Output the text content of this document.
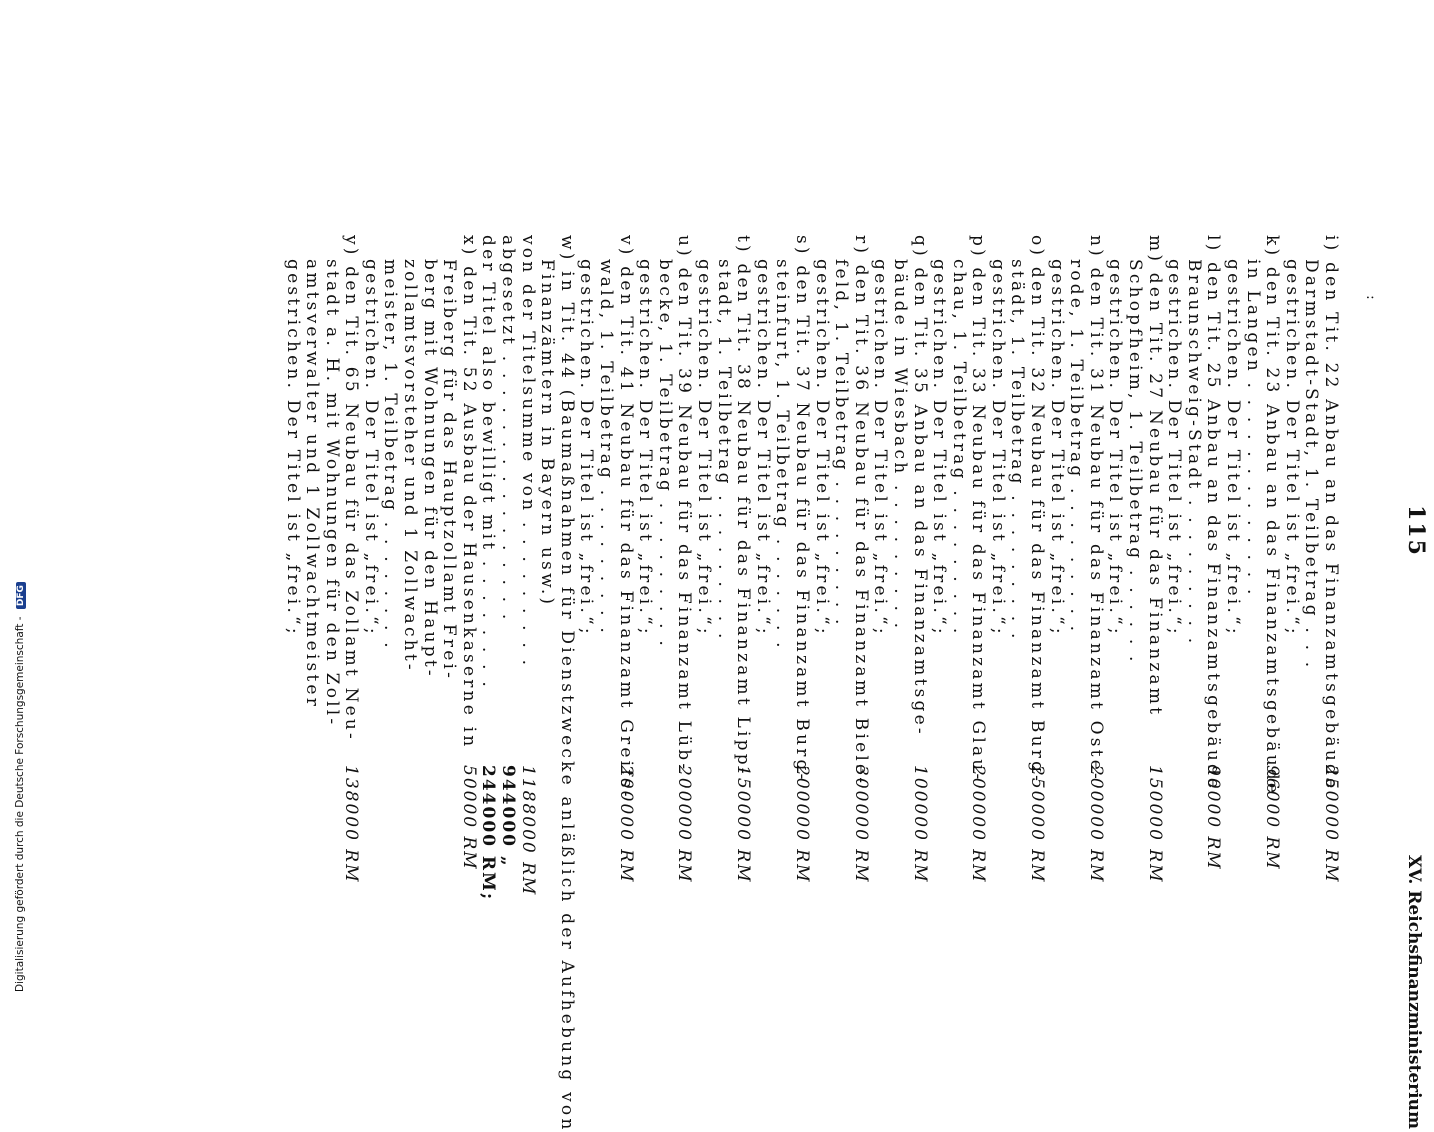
115
XV. Reichsfinanzministerium
:
i) den Tit. 22 Anbau an das Finanzamtsgebäude
250000 RM
Darmstadt-Stadt, 1. Teilbetrag . . .
gestrichen. Der Titel ist „frei.“;
k) den Tit. 23 Anbau an das Finanzamtsgebäude
96000 RM
in Langen . . . . . . . . . . . . .
gestrichen. Der Titel ist „frei.“;
l) den Tit. 25 Anbau an das Finanzamtsgebäude
90000 RM
Braunschweig-Stadt . . . . . . . . .
gestrichen. Der Titel ist „frei.“;
m) den Tit. 27 Neubau für das Finanzamt
150000 RM
Schopfheim, 1. Teilbetrag . . . . . .
gestrichen. Der Titel ist „frei.“;
n) den Tit. 31 Neubau für das Finanzamt Oste-
200000 RM
rode, 1. Teilbetrag . . . . . . . . .
gestrichen. Der Titel ist „frei.“;
o) den Tit. 32 Neubau für das Finanzamt Burg-
250000 RM
städt, 1. Teilbetrag . . . . . . . . .
gestrichen. Der Titel ist „frei.“;
p) den Tit. 33 Neubau für das Finanzamt Glau-
200000 RM
chau, 1. Teilbetrag . . . . . . . . .
gestrichen. Der Titel ist „frei.“;
q) den Tit. 35 Anbau an das Finanzamtsge-
100000 RM
bäude in Wiesbach . . . . . . . . .
gestrichen. Der Titel ist „frei.“;
r) den Tit. 36 Neubau für das Finanzamt Biele-
300000 RM
feld, 1. Teilbetrag . . . . . . . . .
gestrichen. Der Titel ist „frei.“;
s) den Tit. 37 Neubau für das Finanzamt Burg-
200000 RM
steinfurt, 1. Teilbetrag . . . . . . .
gestrichen. Der Titel ist „frei.“;
t) den Tit. 38 Neubau für das Finanzamt Lipp-
150000 RM
stadt, 1. Teilbetrag . . . . . . . . .
gestrichen. Der Titel ist „frei.“;
u) den Tit. 39 Neubau für das Finanzamt Lüb-
200000 RM
becke, 1. Teilbetrag . . . . . . . . .
gestrichen. Der Titel ist „frei.“;
v) den Tit. 41 Neubau für das Finanzamt Greifs-
200000 RM
wald, 1. Teilbetrag . . . . . . . . .
gestrichen. Der Titel ist „frei.“;
w) in Tit. 44 (Baumaßnahmen für Dienstzwecke anläßlich der Aufhebung von
Finanzämtern in Bayern usw.)
von der Titelsumme von . . . . . . . . .
1188000 RM
abgesetzt . . . . . . . . . . . . . . . .
944000 „
der Titel also bewilligt mit . . . . . . . .
244000 RM;
x) den Tit. 52 Ausbau der Hausenkaserne in
50000 RM
Freiberg für das Hauptzollamt Frei-
berg mit Wohnungen für den Haupt-
zollamtsvorsteher und 1 Zollwacht-
meister, 1. Teilbetrag . . . . . . . .
gestrichen. Der Titel ist „frei.“;
y) den Tit. 65 Neubau für das Zollamt Neu-
138000 RM
stadt a. H. mit Wohnungen für den Zoll-
amtsverwalter und 1 Zollwachtmeister
gestrichen. Der Titel ist „frei.“;
Digitalisierung gefördert durch die Deutsche Forschungsgemeinschaft - DFG
